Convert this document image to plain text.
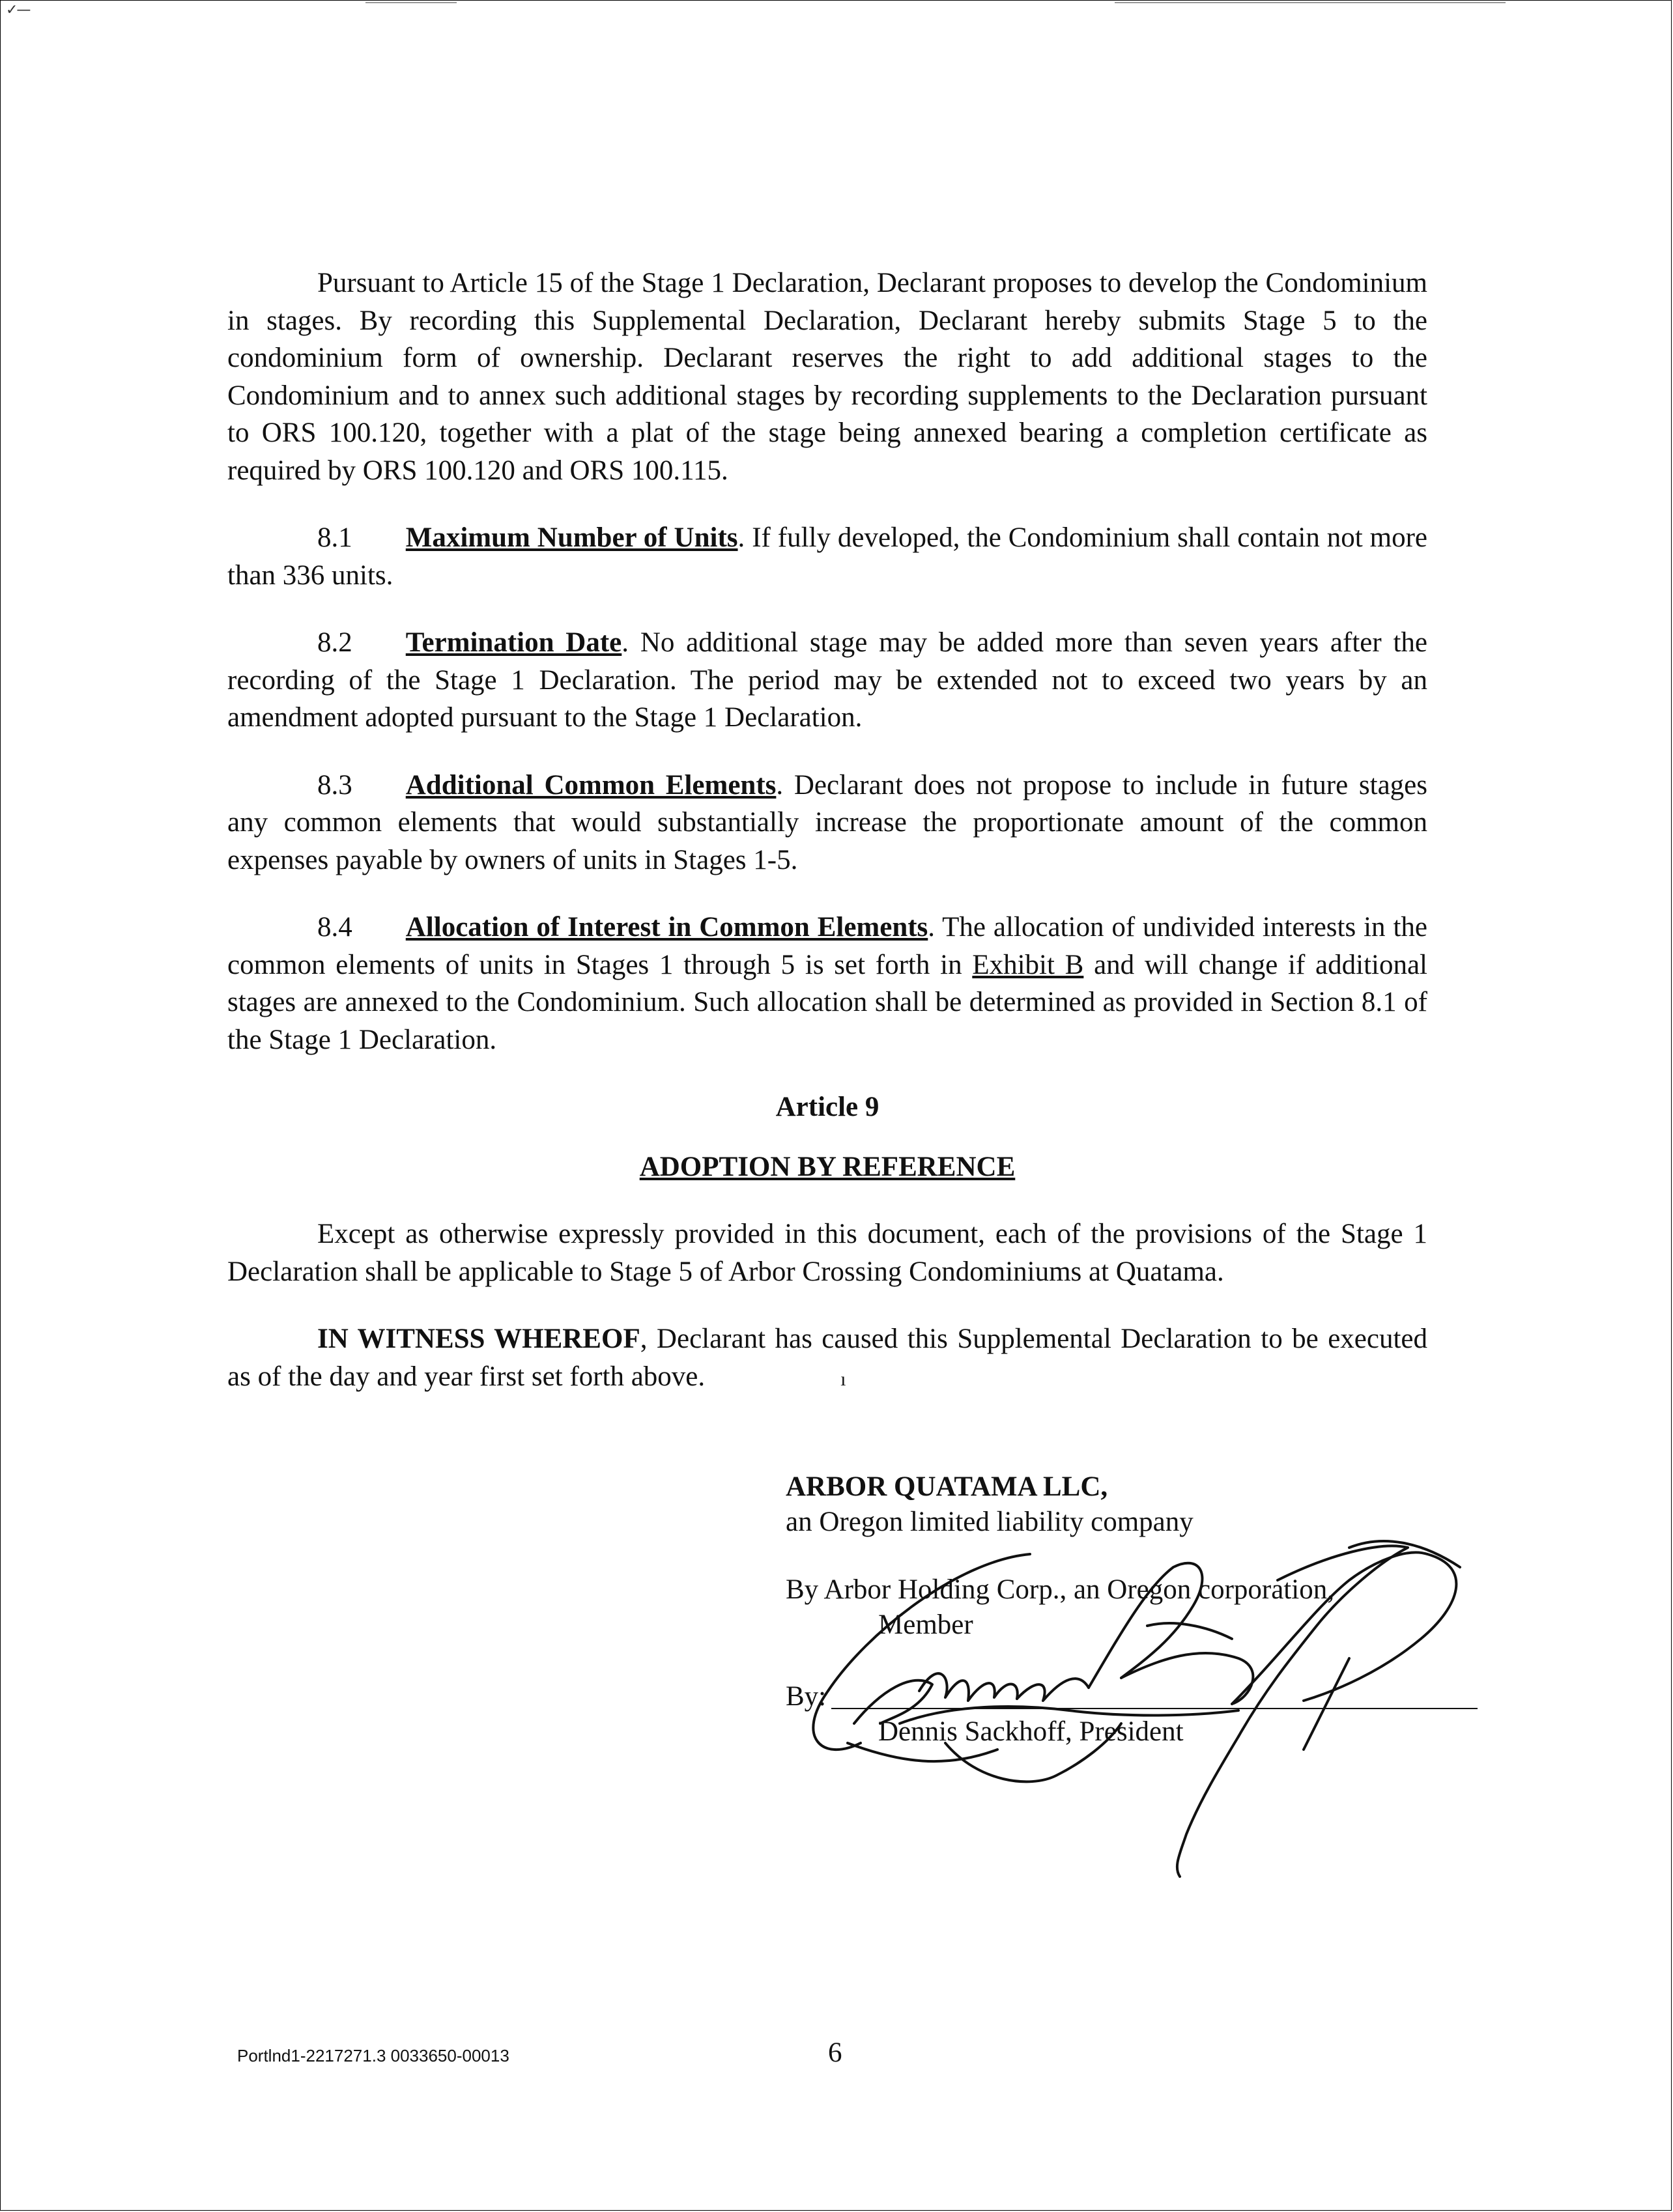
✓—

Pursuant to Article 15 of the Stage 1 Declaration, Declarant proposes to develop the Condominium in stages. By recording this Supplemental Declaration, Declarant hereby submits Stage 5 to the condominium form of ownership. Declarant reserves the right to add additional stages to the Condominium and to annex such additional stages by recording supplements to the Declaration pursuant to ORS 100.120, together with a plat of the stage being annexed bearing a completion certificate as required by ORS 100.120 and ORS 100.115.

8.1 Maximum Number of Units. If fully developed, the Condominium shall contain not more than 336 units.

8.2 Termination Date. No additional stage may be added more than seven years after the recording of the Stage 1 Declaration. The period may be extended not to exceed two years by an amendment adopted pursuant to the Stage 1 Declaration.

8.3 Additional Common Elements. Declarant does not propose to include in future stages any common elements that would substantially increase the proportionate amount of the common expenses payable by owners of units in Stages 1-5.

8.4 Allocation of Interest in Common Elements. The allocation of undivided interests in the common elements of units in Stages 1 through 5 is set forth in Exhibit B and will change if additional stages are annexed to the Condominium. Such allocation shall be determined as provided in Section 8.1 of the Stage 1 Declaration.

Article 9

ADOPTION BY REFERENCE

Except as otherwise expressly provided in this document, each of the provisions of the Stage 1 Declaration shall be applicable to Stage 5 of Arbor Crossing Condominiums at Quatama.

IN WITNESS WHEREOF, Declarant has caused this Supplemental Declaration to be executed as of the day and year first set forth above.	ı

ARBOR QUATAMA LLC,

an Oregon limited liability company

By Arbor Holding Corp., an Oregon corporation,

Member

By:

Dennis Sackhoff, President

Portlnd1-2217271.3 0033650-00013	6
